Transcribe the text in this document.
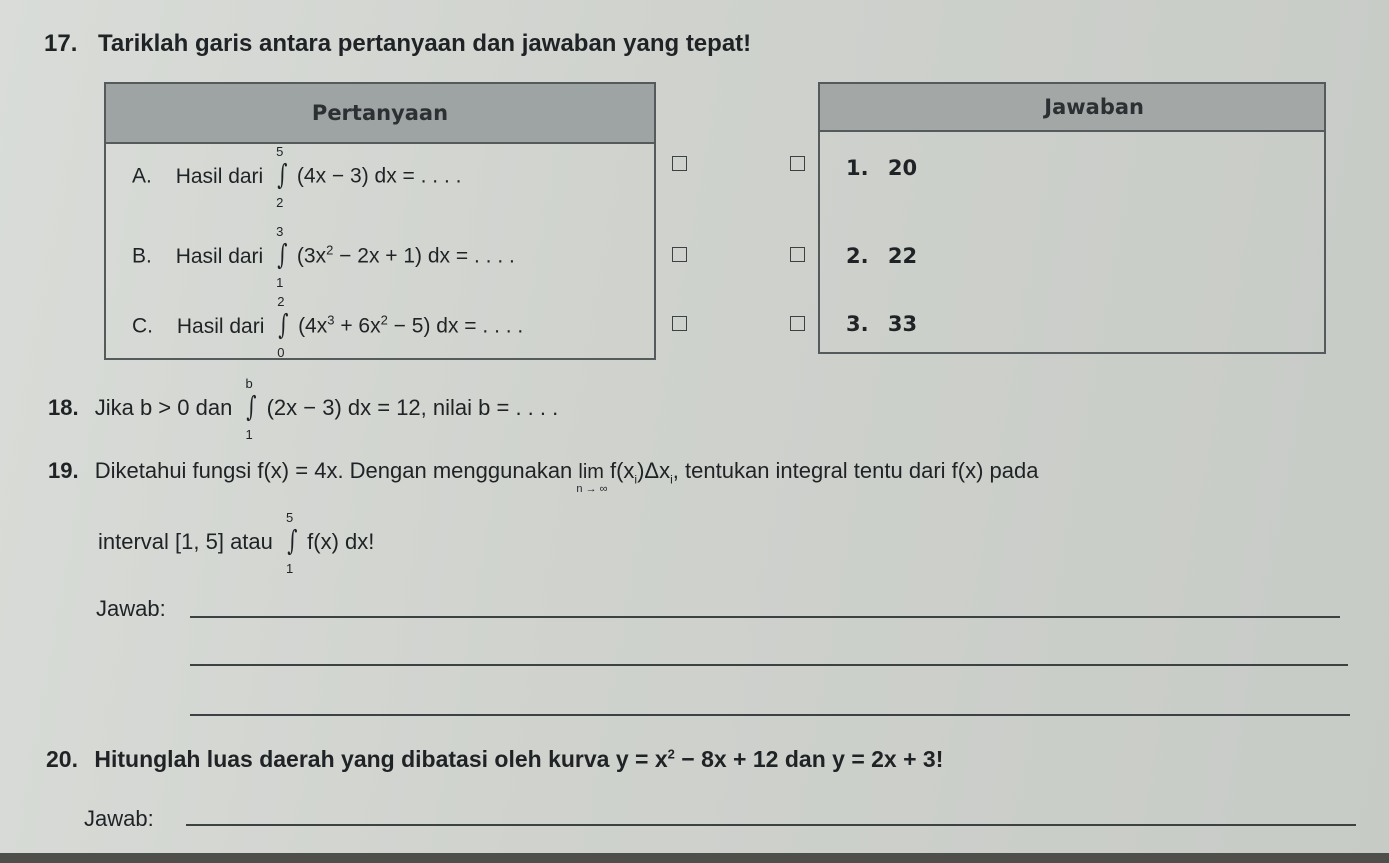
17. Tariklah garis antara pertanyaan dan jawaban yang tepat!
Pertanyaan
A. Hasil dari ∫
5
2
(4x − 3) dx = . . . .
B. Hasil dari ∫
3
1
$(3x^2 - 2x + 1)$ dx = . . . .
C. Hasil dari ∫
2
0
$(4x^3 + 6x^2 - 5)$ dx = . . . .
Jawaban
1. 20
2. 22
3. 33
18. Jika b > 0 dan ∫
b
1
(2x − 3) dx = 12, nilai b = . . . .
19. Diketahui fungsi f(x) = 4x. Dengan menggunakan lim
n → ∞
$f(x_i)\Delta x_i$, tentukan integral tentu dari f(x) pada
interval [1, 5] atau ∫
5
1
f(x) dx!
Jawab:
20. Hitunglah luas daerah yang dibatasi oleh kurva $y = x^2 - 8x + 12$ dan y = 2x + 3!
Jawab:
